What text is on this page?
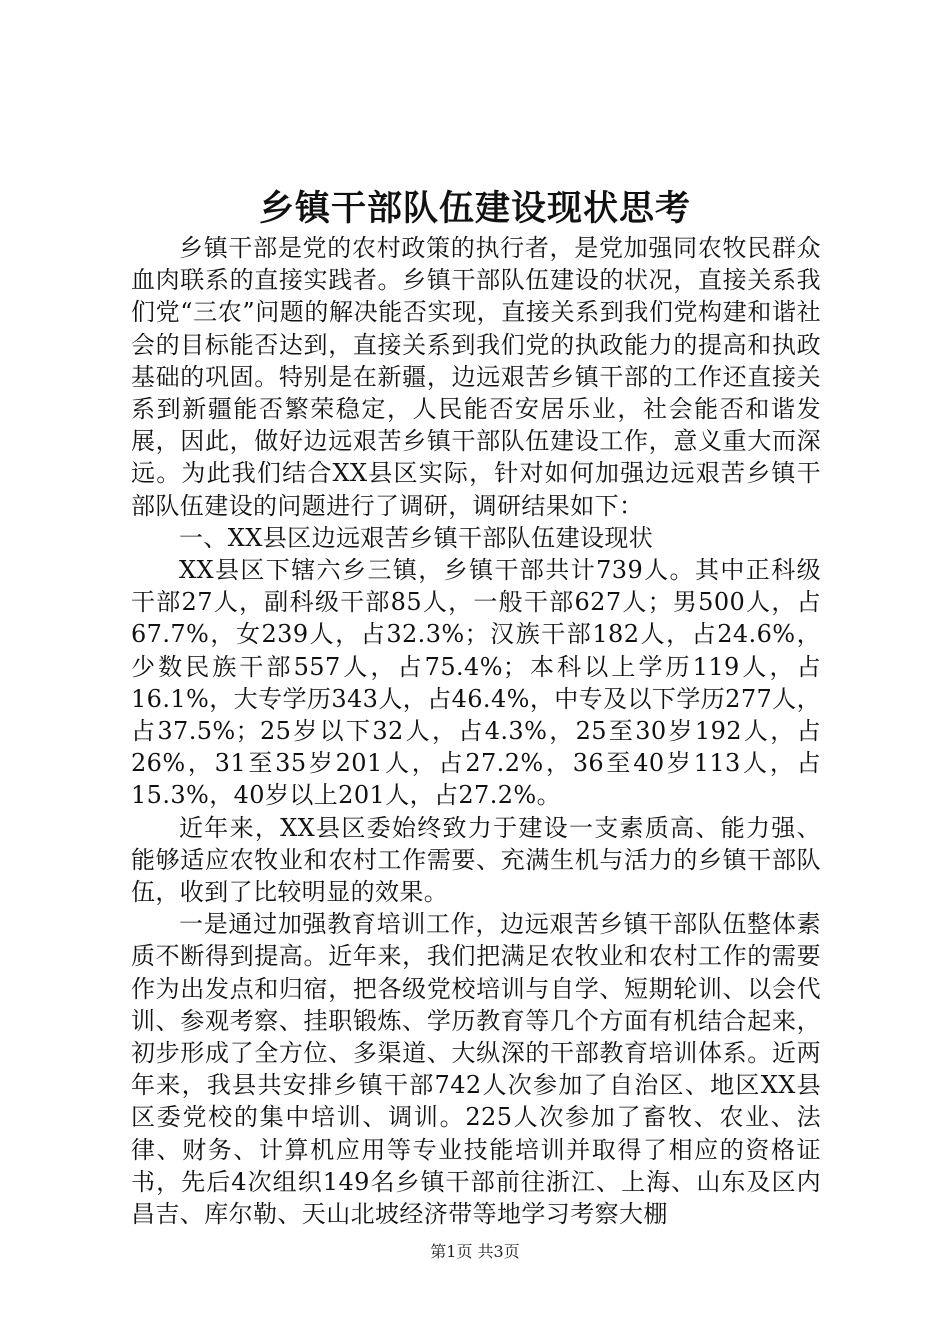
乡镇干部队伍建设现状思考

乡镇干部是党的农村政策的执行者，是党加强同农牧民群众血肉联系的直接实践者。乡镇干部队伍建设的状况，直接关系我们党“三农”问题的解决能否实现，直接关系到我们党构建和谐社会的目标能否达到，直接关系到我们党的执政能力的提高和执政基础的巩固。特别是在新疆，边远艰苦乡镇干部的工作还直接关系到新疆能否繁荣稳定，人民能否安居乐业，社会能否和谐发展，因此，做好边远艰苦乡镇干部队伍建设工作，意义重大而深远。为此我们结合XX县区实际，针对如何加强边远艰苦乡镇干部队伍建设的问题进行了调研，调研结果如下：

一、XX县区边远艰苦乡镇干部队伍建设现状

XX县区下辖六乡三镇，乡镇干部共计739人。其中正科级干部27人，副科级干部85人，一般干部627人；男500人，占67.7%，女239人，占32.3%；汉族干部182人，占24.6%，少数民族干部557人，占75.4%；本科以上学历119人，占16.1%，大专学历343人，占46.4%，中专及以下学历277人，占37.5%；25岁以下32人，占4.3%，25至30岁192人，占26%，31至35岁201人，占27.2%，36至40岁113人，占15.3%，40岁以上201人，占27.2%。

近年来，XX县区委始终致力于建设一支素质高、能力强、能够适应农牧业和农村工作需要、充满生机与活力的乡镇干部队伍，收到了比较明显的效果。

一是通过加强教育培训工作，边远艰苦乡镇干部队伍整体素质不断得到提高。近年来，我们把满足农牧业和农村工作的需要作为出发点和归宿，把各级党校培训与自学、短期轮训、以会代训、参观考察、挂职锻炼、学历教育等几个方面有机结合起来，初步形成了全方位、多渠道、大纵深的干部教育培训体系。近两年来，我县共安排乡镇干部742人次参加了自治区、地区XX县区委党校的集中培训、调训。225人次参加了畜牧、农业、法律、财务、计算机应用等专业技能培训并取得了相应的资格证书，先后4次组织149名乡镇干部前往浙江、上海、山东及区内昌吉、库尔勒、天山北坡经济带等地学习考察大棚

第1页 共3页
